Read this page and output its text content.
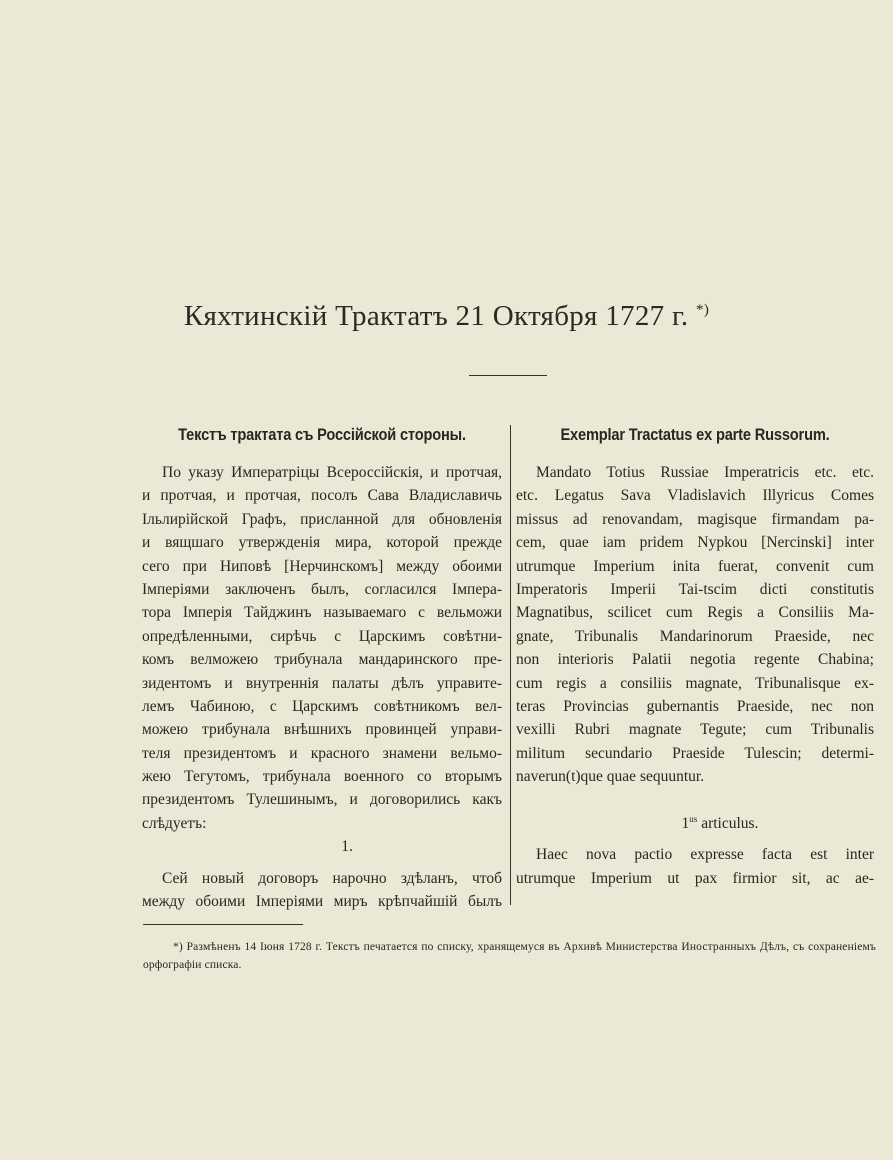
Кяхтинскій Трактатъ 21 Октября 1727 г. *)
Текстъ трактата съ Россійской стороны.
По указу Императріцы Всероссійскія, и протчая,
и протчая, и протчая, посолъ Сава Владиславичь
Ільлирійской Графъ, присланной для обновленія
и вящшаго утвержденія мира, которой прежде
сего при Ниповѣ [Нерчинскомъ] между обоими
Імперіями заключенъ былъ, согласился Імпера-
тора Імперія Тайджинъ называемаго с вельможи
опредѣленными, сирѣчь с Царскимъ совѣтни-
комъ велможею трибунала мандаринского пре-
зидентомъ и внутреннія палаты дѣлъ управите-
лемъ Чабиною, с Царскимъ совѣтникомъ вел-
можею трибунала внѣшнихъ провинцей управи-
теля президентомъ и красного знамени вельмо-
жею Тегутомъ, трибунала военного со вторымъ
президентомъ Тулешинымъ, и договорились какъ
слѣдуетъ:
1.
Сей новый договоръ нарочно здѣланъ, чтоб
между обоими Імперіями миръ крѣпчайшій былъ
Exemplar Tractatus ex parte Russorum.
Mandato Totius Russiae Imperatricis etc. etc.
etc. Legatus Sava Vladislavich Illyricus Comes
missus ad renovandam, magisque firmandam pa-
cem, quae iam pridem Nypkou [Nercinski] inter
utrumque Imperium inita fuerat, convenit cum
Imperatoris Imperii Tai-tscim dicti constitutis
Magnatibus, scilicet cum Regis a Consiliis Ma-
gnate, Tribunalis Mandarinorum Praeside, nec
non interioris Palatii negotia regente Chabina;
cum regis a consiliis magnate, Tribunalisque ex-
teras Provincias gubernantis Praeside, nec non
vexilli Rubri magnate Tegute; cum Tribunalis
militum secundario Praeside Tulescin; determi-
naverun(t)que quae sequuntur.
$1^{us}$ articulus.
Haec nova pactio expresse facta est inter
utrumque Imperium ut pax firmior sit, ac ae-
*) Размѣненъ 14 Іюня 1728 г. Текстъ печатается по списку, хранящемуся въ Архивѣ Министерства Иностранныхъ Дѣлъ, съ сохраненіемъ орфографіи списка.
